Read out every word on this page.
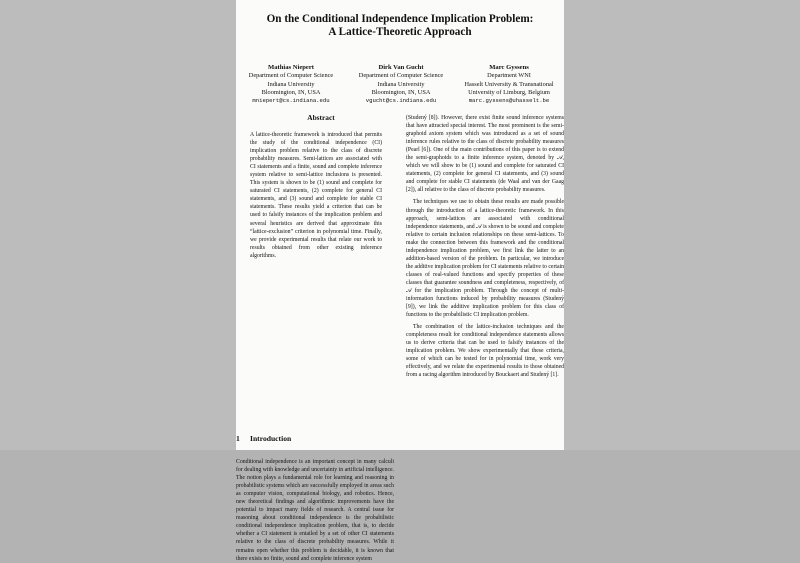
On the Conditional Independence Implication Problem:
A Lattice-Theoretic Approach
Mathias Niepert
Department of Computer Science
Indiana University
Bloomington, IN, USA
mniepert@cs.indiana.edu
Dirk Van Gucht
Department of Computer Science
Indiana University
Bloomington, IN, USA
vgucht@cs.indiana.edu
Marc Gyssens
Department WNI
Hasselt University & Transnational
University of Limburg, Belgium
marc.gyssens@uhasselt.be
Abstract

A lattice-theoretic framework is introduced that permits the study of the conditional independence (CI) implication problem relative to the class of discrete probability measures. Semi-lattices are associated with CI statements and a finite, sound and complete inference system relative to semi-lattice inclusions is presented. This system is shown to be (1) sound and complete for saturated CI statements, (2) complete for general CI statements, and (3) sound and complete for stable CI statements. These results yield a criterion that can be used to falsify instances of the implication problem and several heuristics are derived that approximate this “lattice-exclusion” criterion in polynomial time. Finally, we provide experimental results that relate our work to results obtained from other existing inference algorithms.

1 Introduction

Conditional independence is an important concept in many calculi for dealing with knowledge and uncertainty in artificial intelligence. The notion plays a fundamental role for learning and reasoning in probabilistic systems which are successfully employed in areas such as computer vision, computational biology, and robotics. Hence, new theoretical findings and algorithmic improvements have the potential to impact many fields of research. A central issue for reasoning about conditional independence is the probabilistic conditional independence implication problem, that is, to decide whether a CI statement is entailed by a set of other CI statements relative to the class of discrete probability measures. While it remains open whether this problem is decidable, it is known that there exists no finite, sound and complete inference system

(Studený [8]). However, there exist finite sound inference systems that have attracted special interest. The most prominent is the semi-graphoid axiom system which was introduced as a set of sound inference rules relative to the class of discrete probability measures (Pearl [6]). One of the main contributions of this paper is to extend the semi-graphoids to a finite inference system, denoted by 𝒜, which we will show to be (1) sound and complete for saturated CI statements, (2) complete for general CI statements, and (3) sound and complete for stable CI statements (de Waal and van der Gaag [2]), all relative to the class of discrete probability measures.

The techniques we use to obtain these results are made possible through the introduction of a lattice-theoretic framework. In this approach, semi-lattices are associated with conditional independence statements, and 𝒜 is shown to be sound and complete relative to certain inclusion relationships on these semi-lattices. To make the connection between this framework and the conditional independence implication problem, we first link the latter to an addition-based version of the problem. In particular, we introduce the additive implication problem for CI statements relative to certain classes of real-valued functions and specify properties of these classes that guarantee soundness and completeness, respectively, of 𝒜 for the implication problem. Through the concept of multi-information functions induced by probability measures (Studený [9]), we link the additive implication problem for this class of functions to the probabilistic CI implication problem.

The combination of the lattice-inclusion techniques and the completeness result for conditional independence statements allows us to derive criteria that can be used to falsify instances of the implication problem. We show experimentally that these criteria, some of which can be tested for in polynomial time, work very effectively, and we relate the experimental results to those obtained from a racing algorithm introduced by Bouckaert and Studený [1].
